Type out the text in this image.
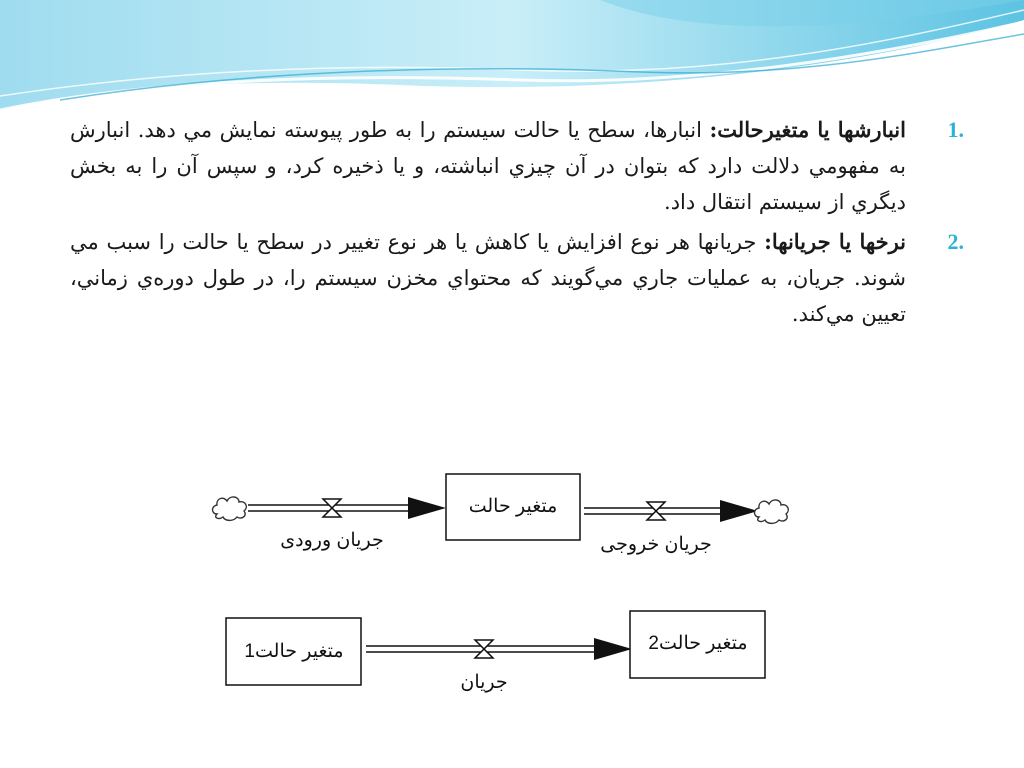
1.
انبارشها يا متغيرحالت: انبارها، سطح يا حالت سيستم را به طور پيوسته نمايش مي دهد. انبارش به مفهومي دلالت دارد كه بتوان در آن چيزي انباشته، و يا ذخيره كرد، و سپس آن را به بخش ديگري از سيستم انتقال داد.

2.
نرخها يا جريانها: جريانها هر نوع افزايش يا كاهش يا هر نوع تغيير در سطح يا حالت را سبب مي شوند. جريان، به عمليات جاري مي‌گويند كه محتواي مخزن سيستم را، در طول دوره‌ي زماني، تعيين مي‌كند.

جريان ورودی
متغير حالت
جريان خروجی
متغير حالت1
جريان
متغير حالت2
